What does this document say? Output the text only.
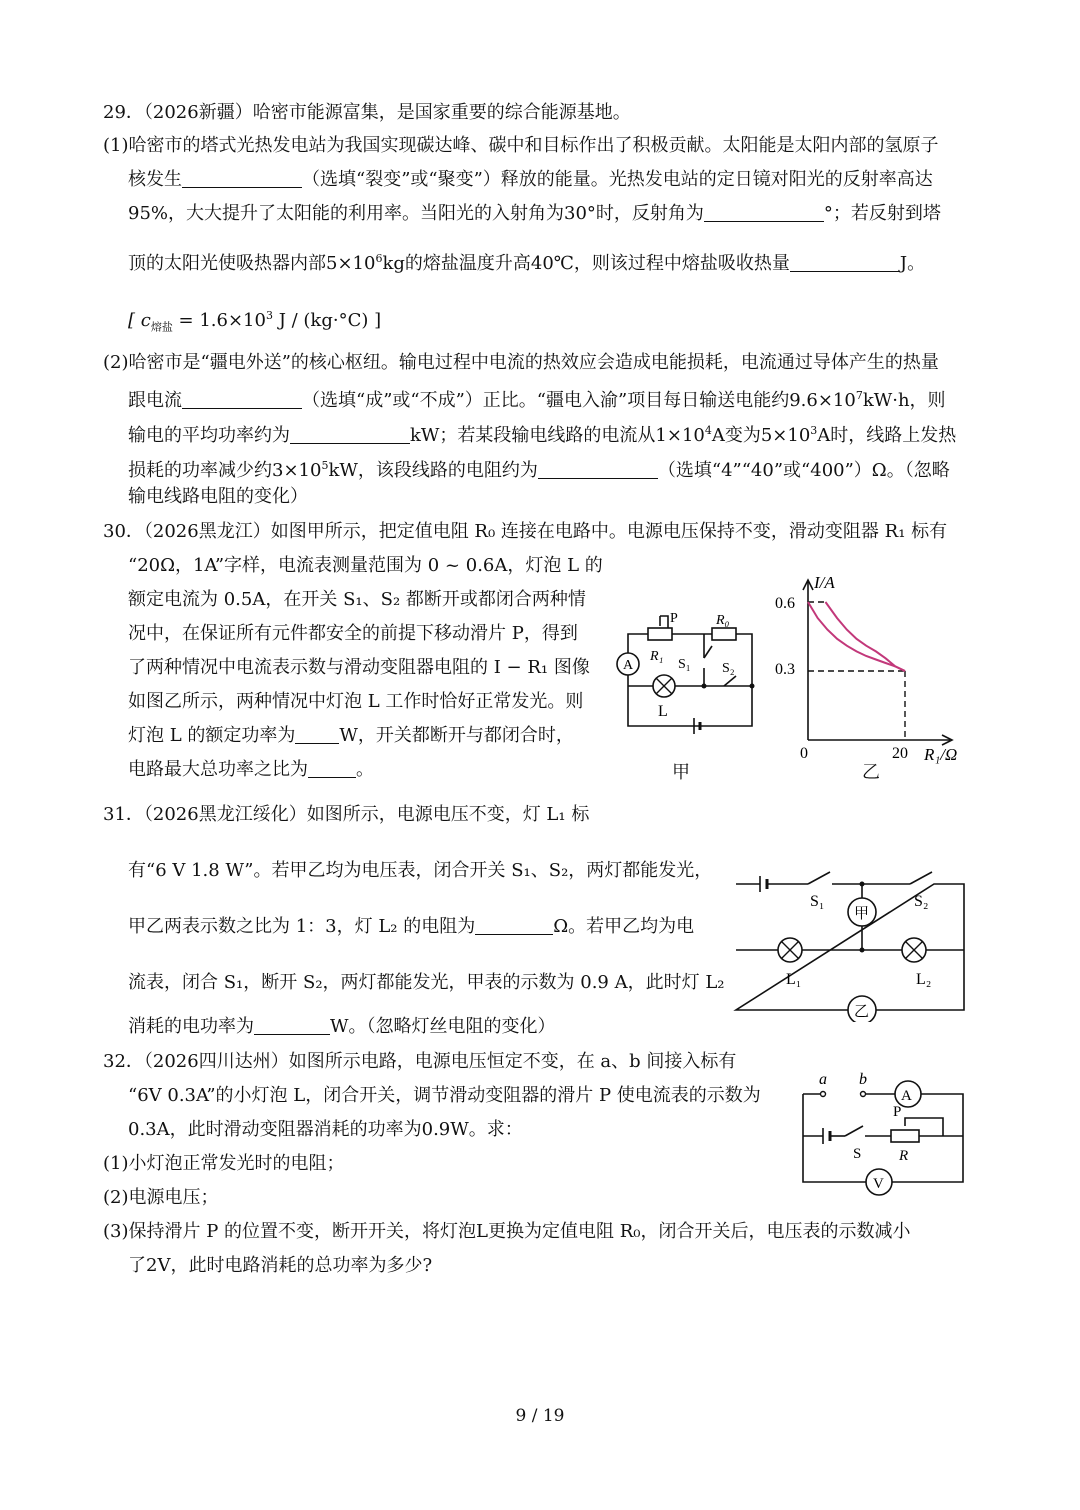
29．（2026新疆）哈密市能源富集，是国家重要的综合能源基地。
(1)哈密市的塔式光热发电站为我国实现碳达峰、碳中和目标作出了积极贡献。太阳能是太阳内部的氢原子
核发生	（选填“裂变”或“聚变”）释放的能量。光热发电站的定日镜对阳光的反射率高达
95%，大大提升了太阳能的利用率。当阳光的入射角为30°时，反射角为	°；若反射到塔
顶的太阳光使吸热器内部$5\times 10^6kg$的熔盐温度升高40℃，则该过程中熔盐吸收热量	J。
[ $c_{熔盐} = 1.6\times 10^3$ J / (kg·°C) ]
(2)哈密市是“疆电外送”的核心枢纽。输电过程中电流的热效应会造成电能损耗，电流通过导体产生的热量
跟电流	（选填“成”或“不成”）正比。“疆电入渝”项目每日输送电能约$9.6\times 10^7kW\cdot h$，则
输电的平均功率约为	kW；若某段输电线路的电流从$1\times 10^4A$变为$5\times 10^3A$时，线路上发热
损耗的功率减少约$3\times 10^5kW$，该段线路的电阻约为	（选填“4”“40”或“400”）Ω。（忽略
输电线路电阻的变化）
30．（2026黑龙江）如图甲所示，把定值电阻 R₀ 连接在电路中。电源电压保持不变，滑动变阻器 R₁ 标有
“20Ω，1A”字样，电流表测量范围为 0 ~ 0.6A，灯泡 L 的
额定电流为 0.5A，在开关 S₁、S₂ 都断开或都闭合两种情
况中，在保证所有元件都安全的前提下移动滑片 P，得到
了两种情况中电流表示数与滑动变阻器电阻的 I − R₁ 图像
如图乙所示，两种情况中灯泡 L 工作时恰好正常发光。则
灯泡 L 的额定功率为 W，开关都断开与都闭合时，
电路最大总功率之比为	。
A
L
P
R₁
R₀
S₁ S₂
甲
I/A
0.6
0.3
0	20 R₁/Ω
乙
31．（2026黑龙江绥化）如图所示，电源电压不变，灯 L₁ 标
有“6 V 1.8 W”。若甲乙均为电压表，闭合开关 S₁、S₂，两灯都能发光，
甲乙两表示数之比为 1：3，灯 L₂ 的电阻为	Ω。若甲乙均为电
流表，闭合 S₁，断开 S₂，两灯都能发光，甲表的示数为 0.9 A，此时灯 L₂
消耗的电功率为	W。（忽略灯丝电阻的变化）
甲
乙
S₁	S₂
L₁	L₂
32．（2026四川达州）如图所示电路，电源电压恒定不变，在 a、b 间接入标有
“6V 0.3A”的小灯泡 L，闭合开关，调节滑动变阻器的滑片 P 使电流表的示数为
0.3A，此时滑动变阻器消耗的功率为0.9W。求：
(1)小灯泡正常发光时的电阻；
(2)电源电压；
(3)保持滑片 P 的位置不变，断开开关，将灯泡L更换为定值电阻 R₀，闭合开关后，电压表的示数减小
了2V，此时电路消耗的总功率为多少?
a b
A
V
P
S	R
9 / 19
